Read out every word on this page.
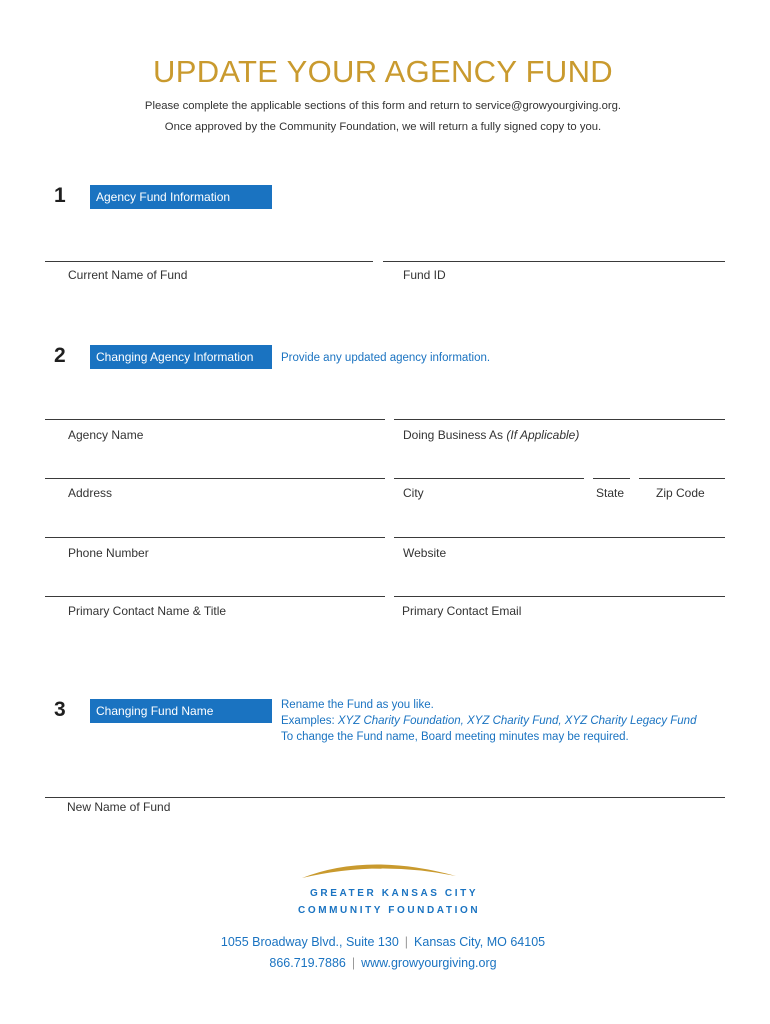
UPDATE YOUR AGENCY FUND
Please complete the applicable sections of this form and return to service@growyourgiving.org.
Once approved by the Community Foundation, we will return a fully signed copy to you.
1	Agency Fund Information
Current Name of Fund	Fund ID
2	Changing Agency Information	Provide any updated agency information.
Agency Name	Doing Business As (If Applicable)
Address	City	State	Zip Code
Phone Number	Website
Primary Contact Name & Title	Primary Contact Email
3	Changing Fund Name	Rename the Fund as you like.
Examples: XYZ Charity Foundation, XYZ Charity Fund, XYZ Charity Legacy Fund
To change the Fund name, Board meeting minutes may be required.
New Name of Fund
GREATER KANSAS CITY
COMMUNITY FOUNDATION
1055 Broadway Blvd., Suite 130 | Kansas City, MO 64105
866.719.7886 | www.growyourgiving.org
